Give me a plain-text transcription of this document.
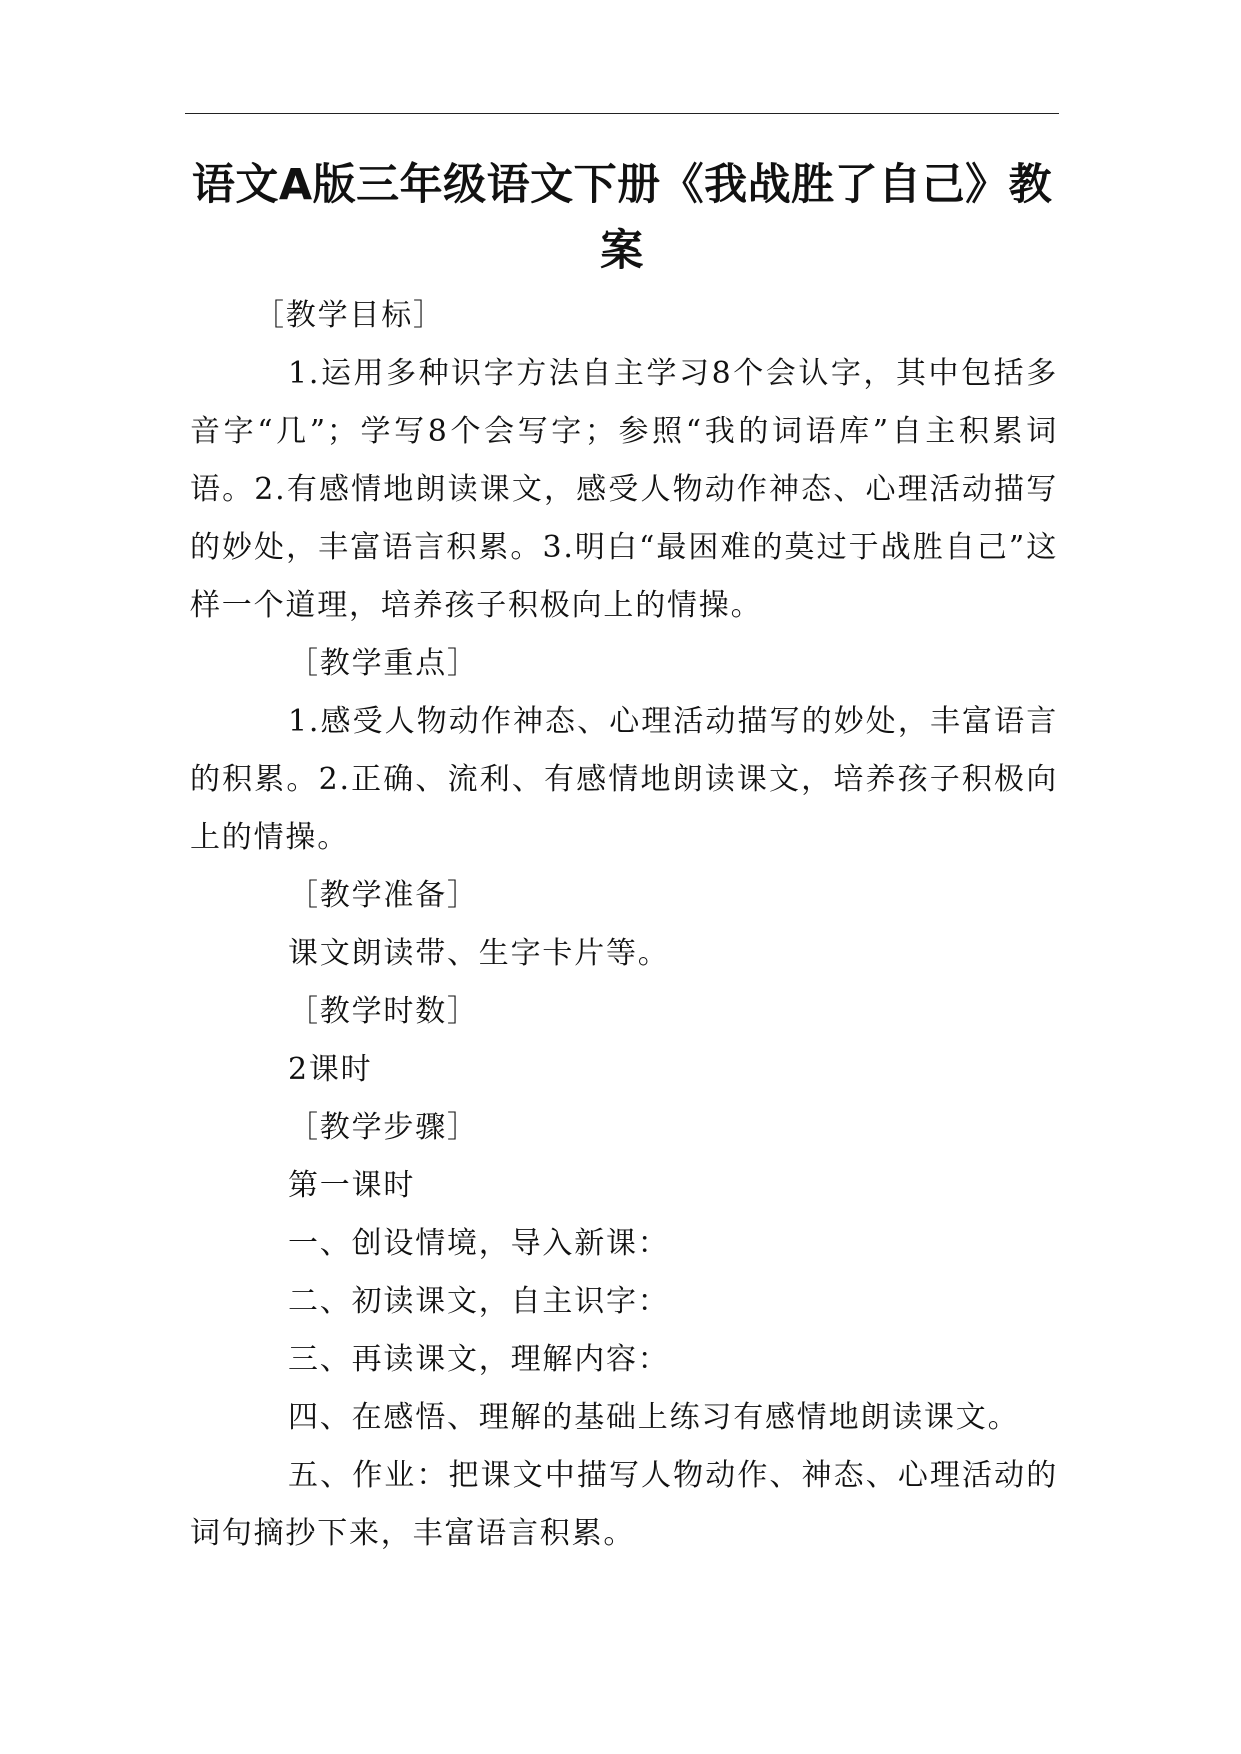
语文A版三年级语文下册《我战胜了自己》教案

［教学目标］

1.运用多种识字方法自主学习8个会认字，其中包括多音字“几”；学写8个会写字；参照“我的词语库”自主积累词语。2.有感情地朗读课文，感受人物动作神态、心理活动描写的妙处，丰富语言积累。3.明白“最困难的莫过于战胜自己”这样一个道理，培养孩子积极向上的情操。

［教学重点］

1.感受人物动作神态、心理活动描写的妙处，丰富语言的积累。2.正确、流利、有感情地朗读课文，培养孩子积极向上的情操。

［教学准备］

课文朗读带、生字卡片等。

［教学时数］

2课时

［教学步骤］

第一课时

一、创设情境，导入新课：

二、初读课文，自主识字：

三、再读课文，理解内容：

四、在感悟、理解的基础上练习有感情地朗读课文。

五、作业：把课文中描写人物动作、神态、心理活动的词句摘抄下来，丰富语言积累。
